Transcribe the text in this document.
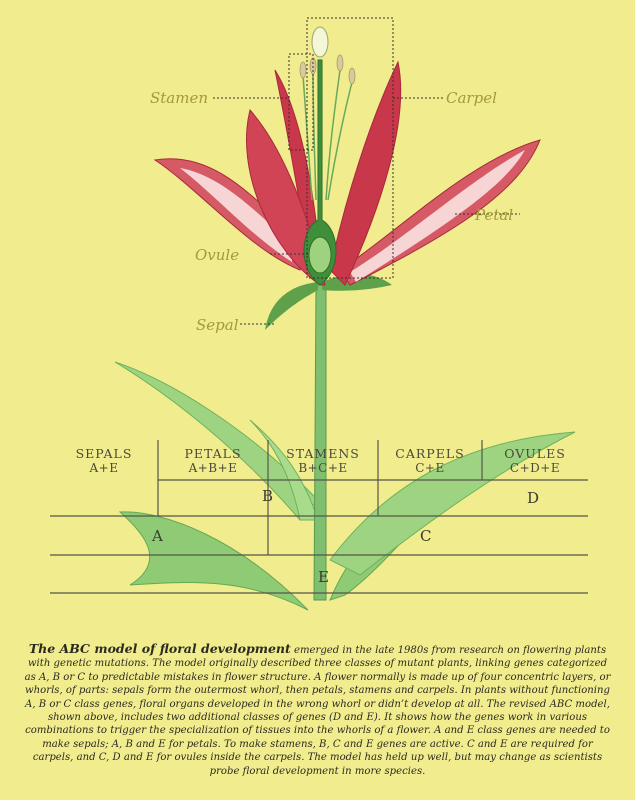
Stamen	Carpel
Petal
Ovule
Sepal
SEPALS
A+E
PETALS
A+B+E
STAMENS
B+C+E
CARPELS
C+E
OVULES
C+D+E
B	D
A	C
E
The ABC model of floral development emerged in the late 1980s from research on flowering plants with genetic mutations. The model originally described three classes of mutant plants, linking genes categorized as A, B or C to predictable mistakes in flower structure. A flower normally is made up of four concentric layers, or whorls, of parts: sepals form the outermost whorl, then petals, stamens and carpels. In plants without functioning A, B or C class genes, floral organs developed in the wrong whorl or didn’t develop at all. The revised ABC model, shown above, includes two additional classes of genes (D and E). It shows how the genes work in various combinations to trigger the specialization of tissues into the whorls of a flower. A and E class genes are needed to make sepals; A, B and E for petals. To make stamens, B, C and E genes are active. C and E are required for carpels, and C, D and E for ovules inside the carpels. The model has held up well, but may change as scientists probe floral development in more species.
